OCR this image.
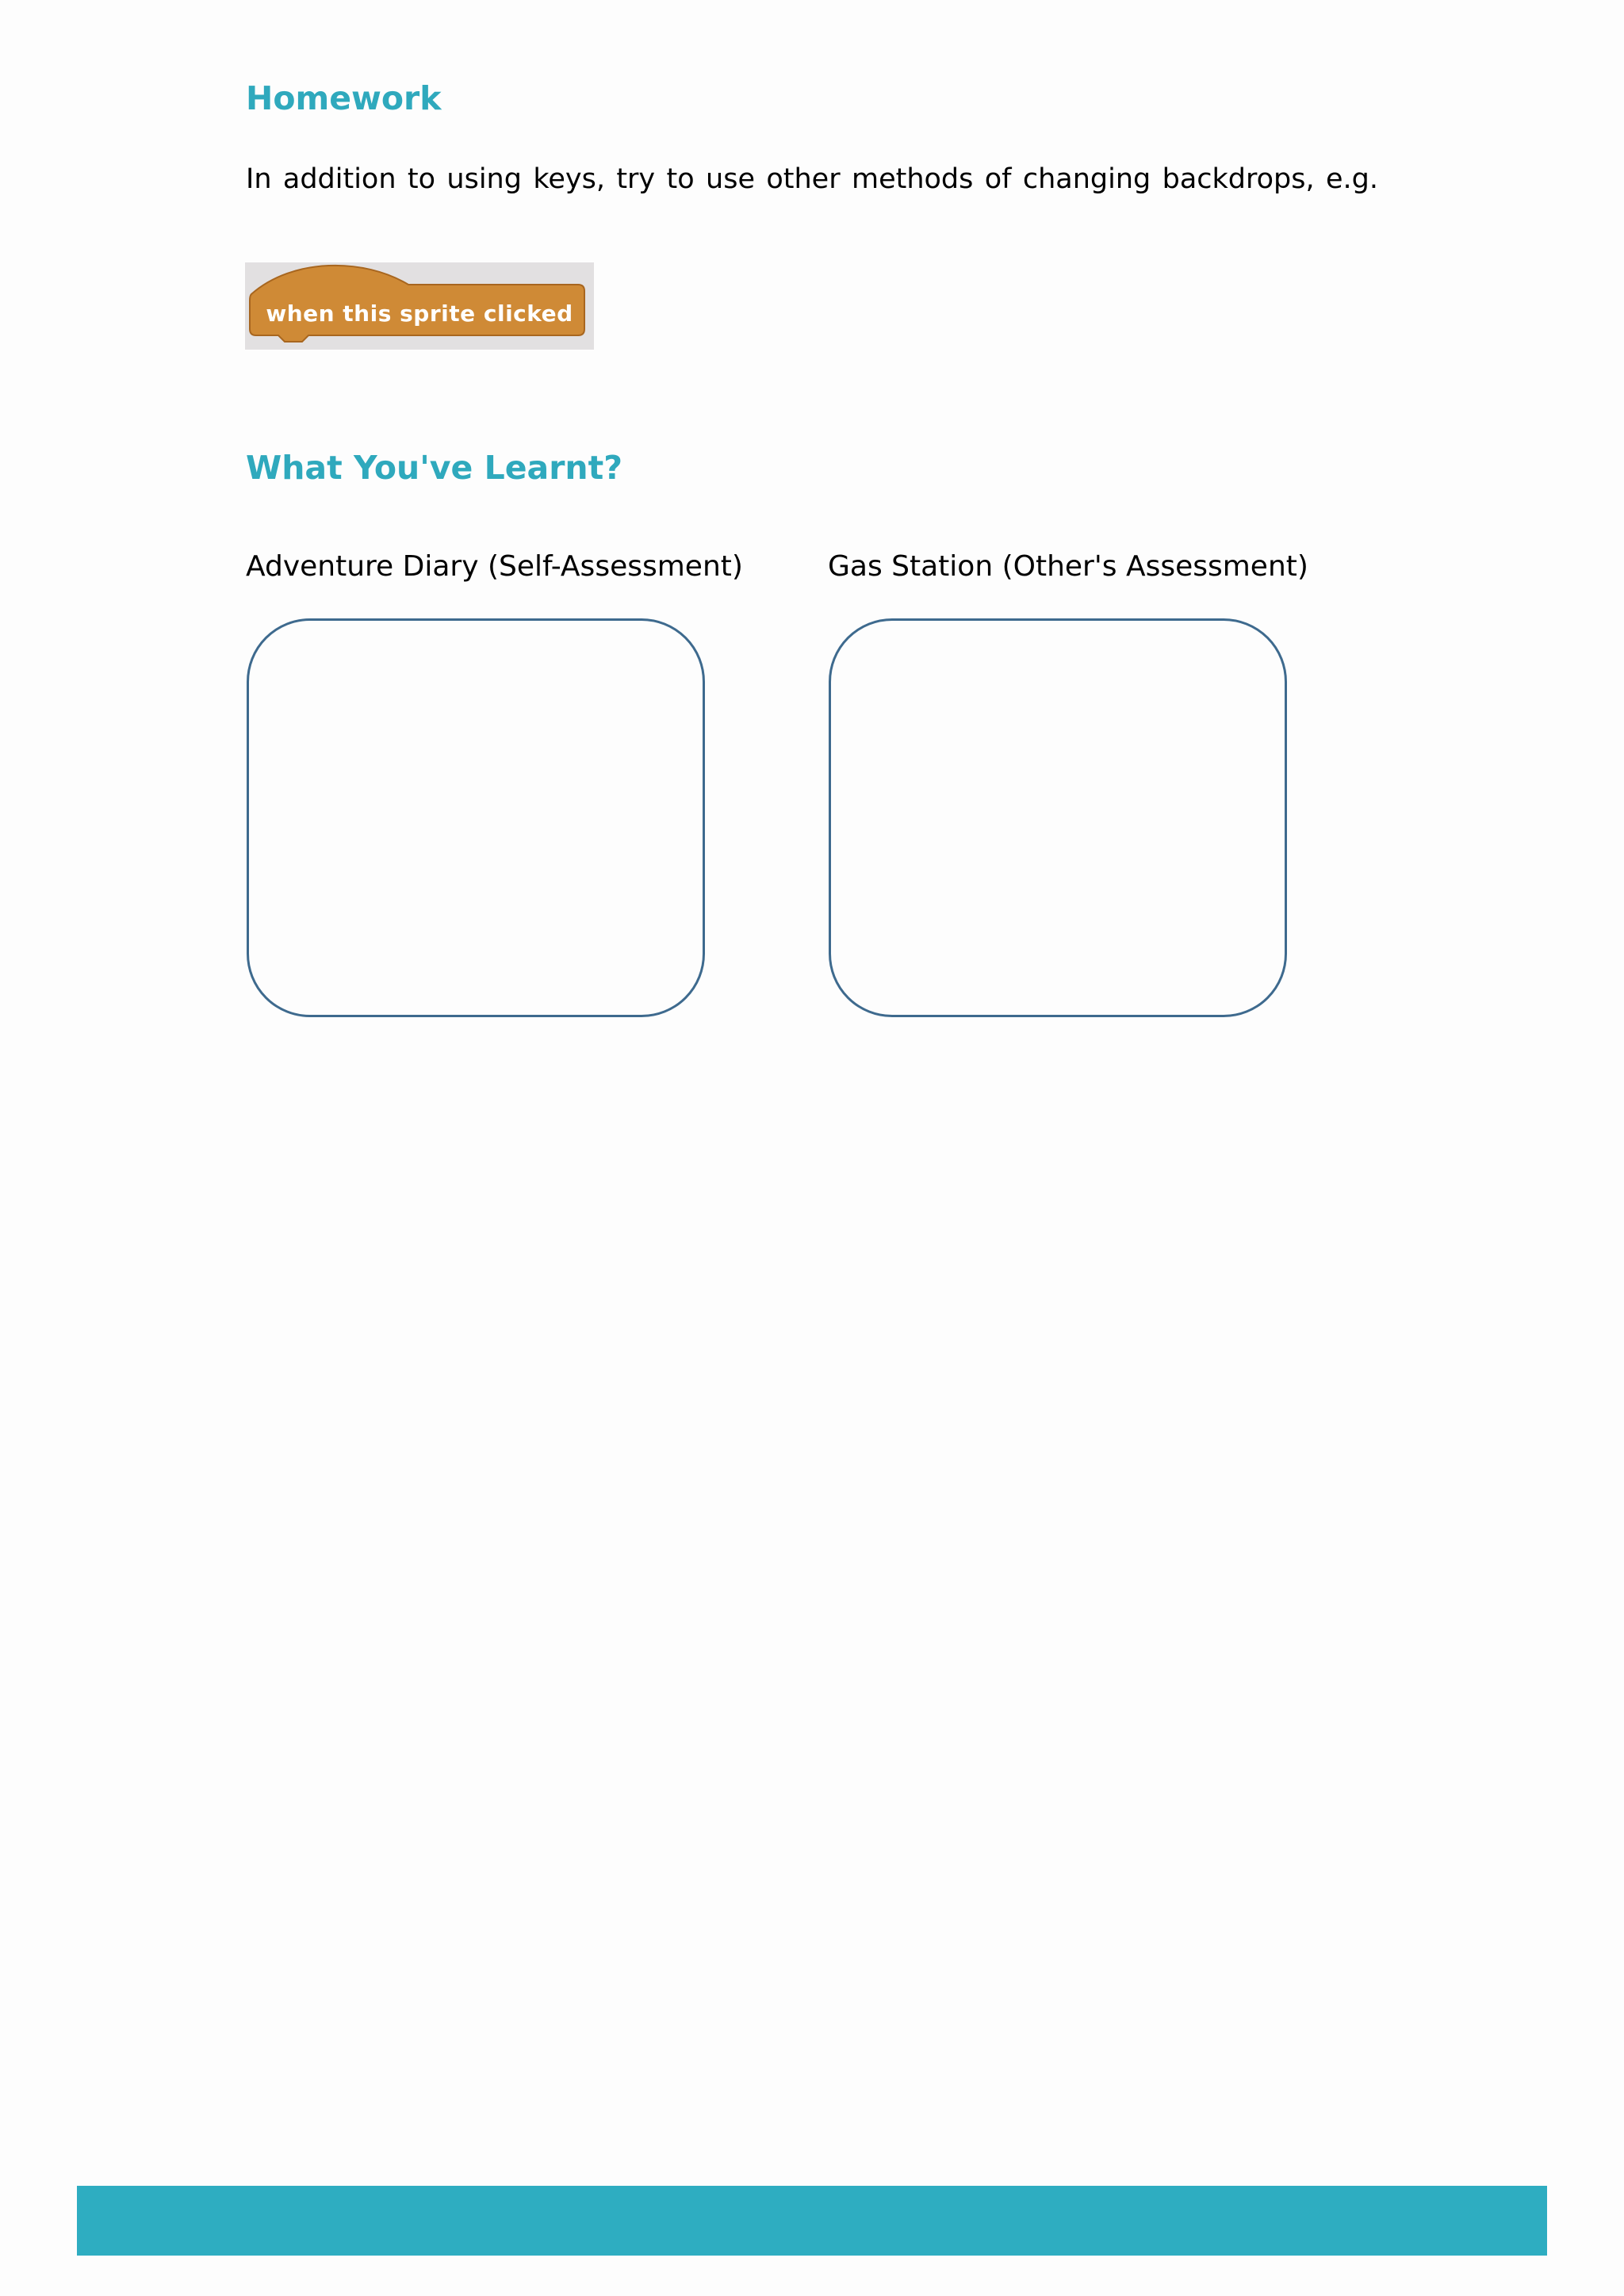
Homework

In addition to using keys, try to use other methods of changing backdrops, e.g.

when this sprite clicked
What You've Learnt?

Adventure Diary (Self-Assessment)	Gas Station (Other's Assessment)
